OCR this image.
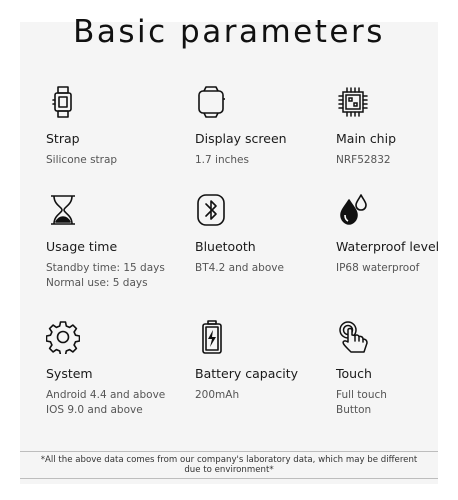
Basic parameters
Strap
Silicone strap
Display screen
1.7 inches
Main chip
NRF52832
Usage time
Standby time: 15 days
Normal use: 5 days
Bluetooth
BT4.2 and above
Waterproof level
IP68 waterproof
System
Android 4.4 and above
IOS 9.0 and above
Battery capacity
200mAh
Touch
Full touch
Button
*All the above data comes from our company's laboratory data, which may be different
due to environment*
